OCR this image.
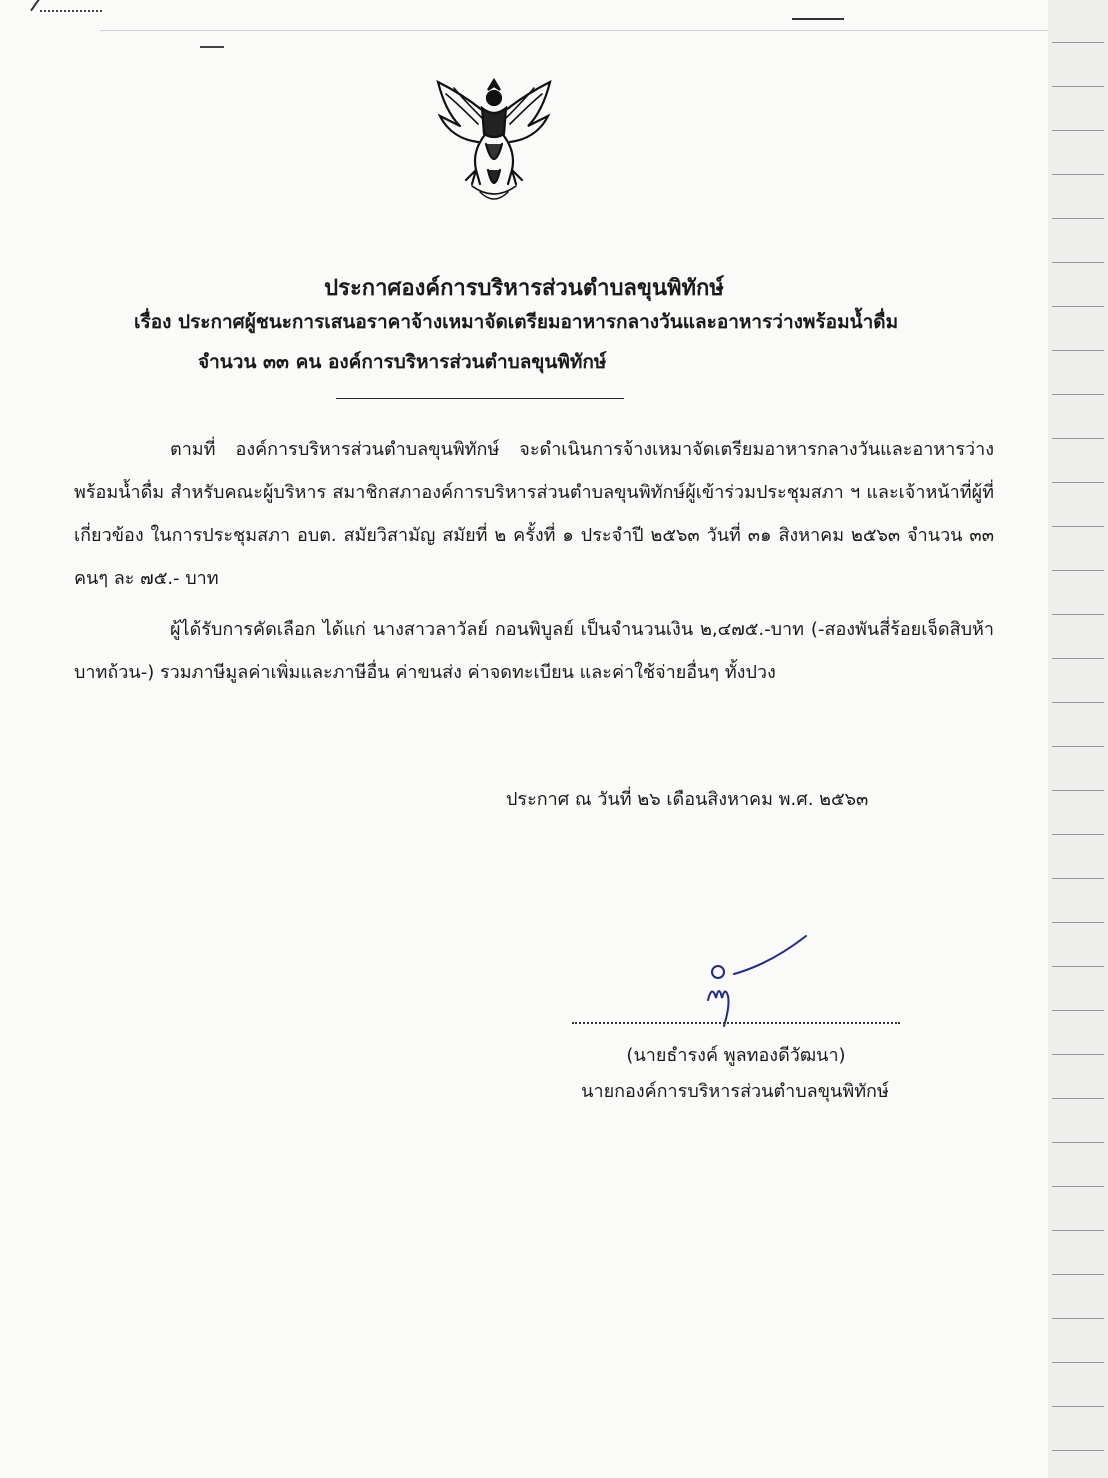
ประกาศองค์การบริหารส่วนตำบลขุนพิทักษ์
เรื่อง ประกาศผู้ชนะการเสนอราคาจ้างเหมาจัดเตรียมอาหารกลางวันและอาหารว่างพร้อมน้ำดื่ม
จำนวน ๓๓ คน องค์การบริหารส่วนตำบลขุนพิทักษ์
ตามที่ องค์การบริหารส่วนตำบลขุนพิทักษ์ จะดำเนินการจ้างเหมาจัดเตรียมอาหารกลางวันและอาหารว่างพร้อมน้ำดื่ม สำหรับคณะผู้บริหาร สมาชิกสภาองค์การบริหารส่วนตำบลขุนพิทักษ์ผู้เข้าร่วมประชุมสภา ฯ และเจ้าหน้าที่ผู้ที่เกี่ยวข้อง ในการประชุมสภา อบต. สมัยวิสามัญ สมัยที่ ๒ ครั้งที่ ๑ ประจำปี ๒๕๖๓ วันที่ ๓๑ สิงหาคม ๒๕๖๓ จำนวน ๓๓ คนๆ ละ ๗๕.- บาท
ผู้ได้รับการคัดเลือก ได้แก่ นางสาวลาวัลย์ กอนพิบูลย์ เป็นจำนวนเงิน ๒,๔๗๕.-บาท (-สองพันสี่ร้อยเจ็ดสิบห้าบาทถ้วน-) รวมภาษีมูลค่าเพิ่มและภาษีอื่น ค่าขนส่ง ค่าจดทะเบียน และค่าใช้จ่ายอื่นๆ ทั้งปวง
ประกาศ ณ วันที่ ๒๖ เดือนสิงหาคม พ.ศ. ๒๕๖๓
(นายธำรงค์ พูลทองดีวัฒนา)
นายกองค์การบริหารส่วนตำบลขุนพิทักษ์
